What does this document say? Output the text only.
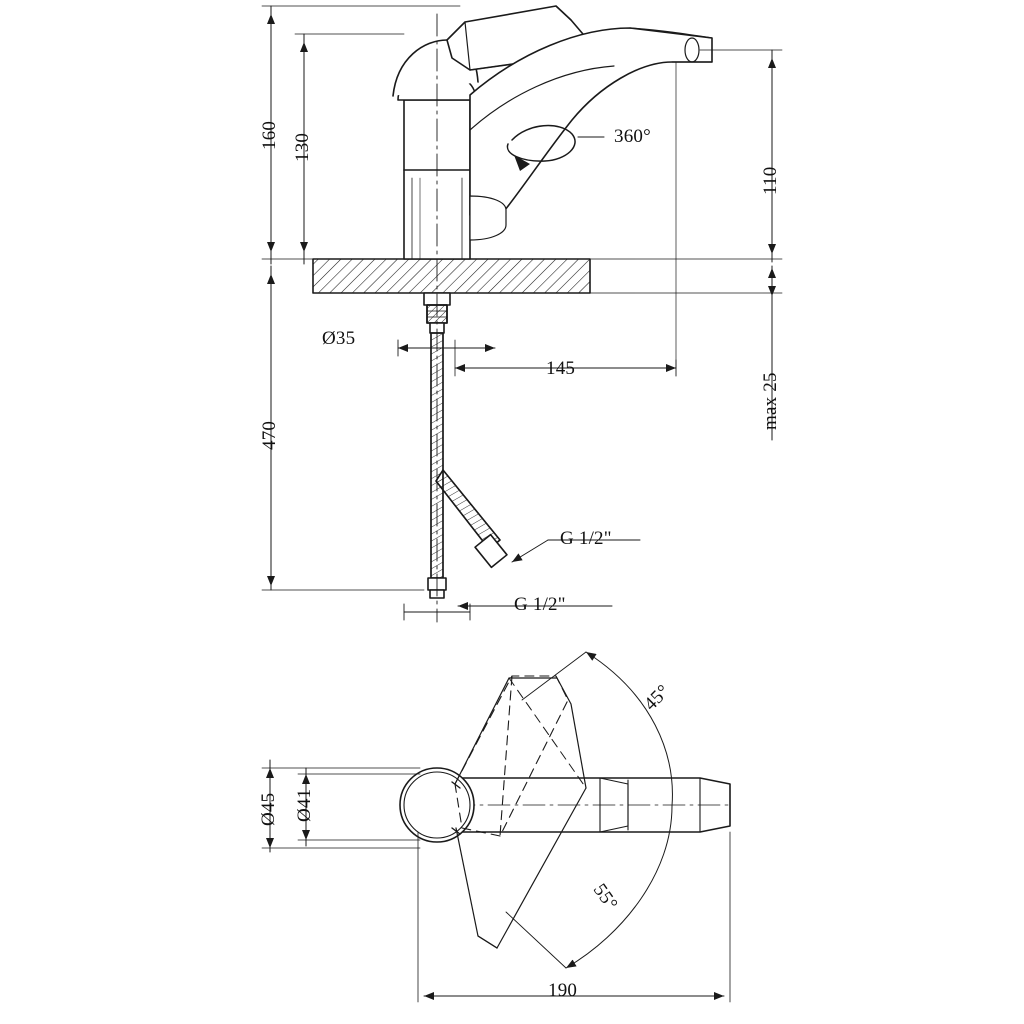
160 130
470
110
max 25
145
Ø35
360°
G 1/2"
G 1/2"
Ø45 Ø41
45°
55°
190
